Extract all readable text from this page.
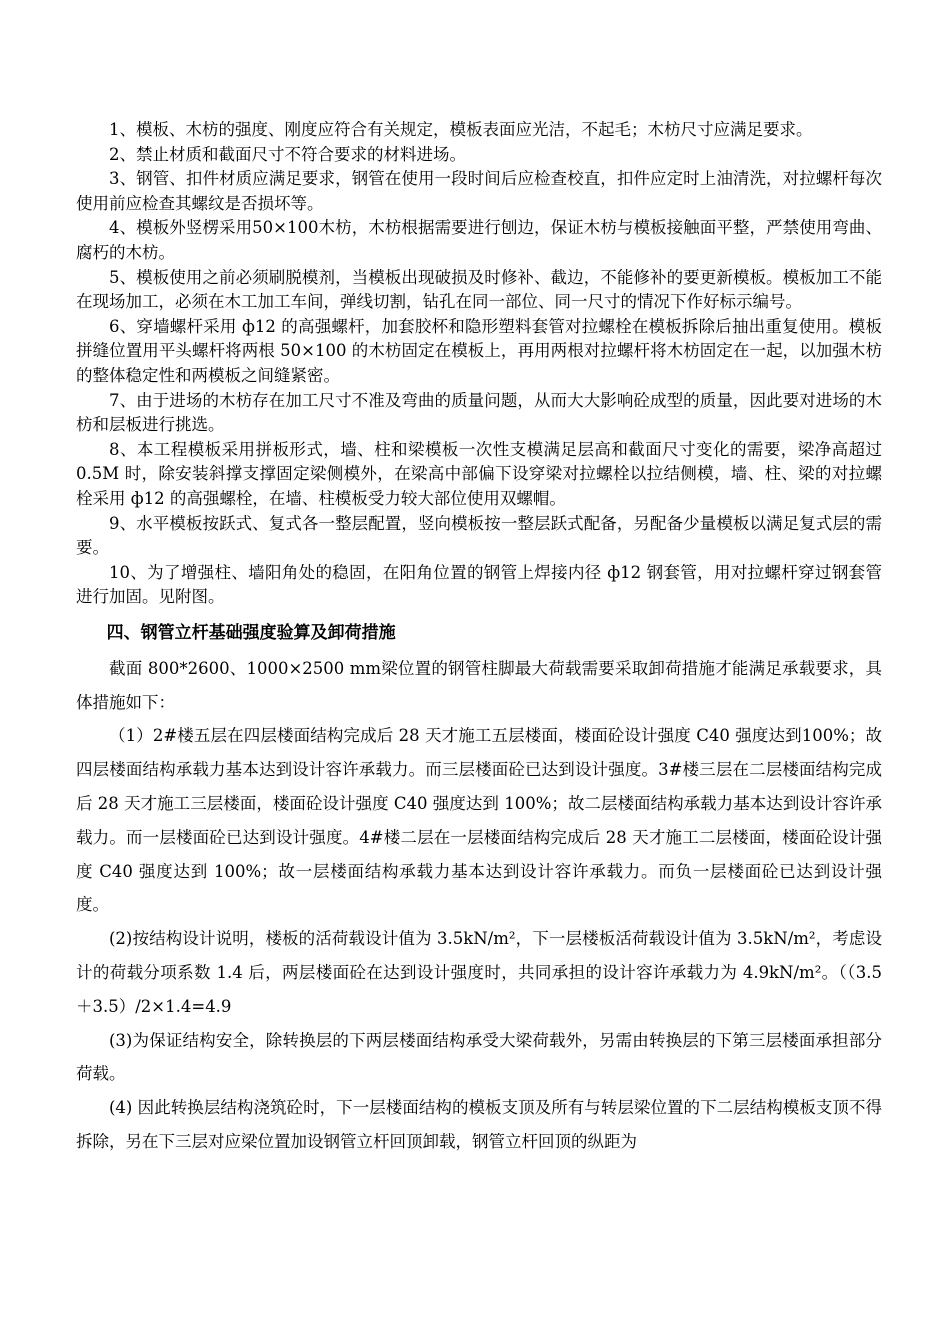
1、模板、木枋的强度、刚度应符合有关规定，模板表面应光洁，不起毛；木枋尺寸应满足要求。

2、禁止材质和截面尺寸不符合要求的材料进场。

3、钢管、扣件材质应满足要求，钢管在使用一段时间后应检查校直，扣件应定时上油清洗，对拉螺杆每次使用前应检查其螺纹是否损坏等。

4、模板外竖楞采用50×100木枋，木枋根据需要进行刨边，保证木枋与模板接触面平整，严禁使用弯曲、腐朽的木枋。

5、模板使用之前必须刷脱模剂，当模板出现破损及时修补、截边，不能修补的要更新模板。模板加工不能在现场加工，必须在木工加工车间，弹线切割，钻孔在同一部位、同一尺寸的情况下作好标示编号。

6、穿墙螺杆采用 ф12 的高强螺杆，加套胶杯和隐形塑料套管对拉螺栓在模板拆除后抽出重复使用。模板拼缝位置用平头螺杆将两根 50×100 的木枋固定在模板上，再用两根对拉螺杆将木枋固定在一起，以加强木枋的整体稳定性和两模板之间缝紧密。

7、由于进场的木枋存在加工尺寸不准及弯曲的质量问题，从而大大影响砼成型的质量，因此要对进场的木枋和层板进行挑选。

8、本工程模板采用拼板形式，墙、柱和梁模板一次性支模满足层高和截面尺寸变化的需要，梁净高超过 0.5M 时，除安装斜撑支撑固定梁侧模外，在梁高中部偏下设穿梁对拉螺栓以拉结侧模，墙、柱、梁的对拉螺栓采用 ф12 的高强螺栓，在墙、柱模板受力较大部位使用双螺帽。

9、水平模板按跃式、复式各一整层配置，竖向模板按一整层跃式配备，另配备少量模板以满足复式层的需要。

10、为了增强柱、墙阳角处的稳固，在阳角位置的钢管上焊接内径 ф12 钢套管，用对拉螺杆穿过钢套管进行加固。见附图。

四、钢管立杆基础强度验算及卸荷措施

截面 800*2600、1000×2500 mm梁位置的钢管柱脚最大荷载需要采取卸荷措施才能满足承载要求，具体措施如下：

（1）2#楼五层在四层楼面结构完成后 28 天才施工五层楼面，楼面砼设计强度 C40 强度达到100%；故四层楼面结构承载力基本达到设计容许承载力。而三层楼面砼已达到设计强度。3#楼三层在二层楼面结构完成后 28 天才施工三层楼面，楼面砼设计强度 C40 强度达到 100%；故二层楼面结构承载力基本达到设计容许承载力。而一层楼面砼已达到设计强度。4#楼二层在一层楼面结构完成后 28 天才施工二层楼面，楼面砼设计强度 C40 强度达到 100%；故一层楼面结构承载力基本达到设计容许承载力。而负一层楼面砼已达到设计强度。

(2)按结构设计说明，楼板的活荷载设计值为 3.5kN/m²，下一层楼板活荷载设计值为 3.5kN/m²，考虑设计的荷载分项系数 1.4 后，两层楼面砼在达到设计强度时，共同承担的设计容许承载力为 4.9kN/m²。（（3.5＋3.5）/2×1.4=4.9

(3)为保证结构安全，除转换层的下两层楼面结构承受大梁荷载外，另需由转换层的下第三层楼面承担部分荷载。

(4) 因此转换层结构浇筑砼时，下一层楼面结构的模板支顶及所有与转层梁位置的下二层结构模板支顶不得拆除，另在下三层对应梁位置加设钢管立杆回顶卸载，钢管立杆回顶的纵距为
